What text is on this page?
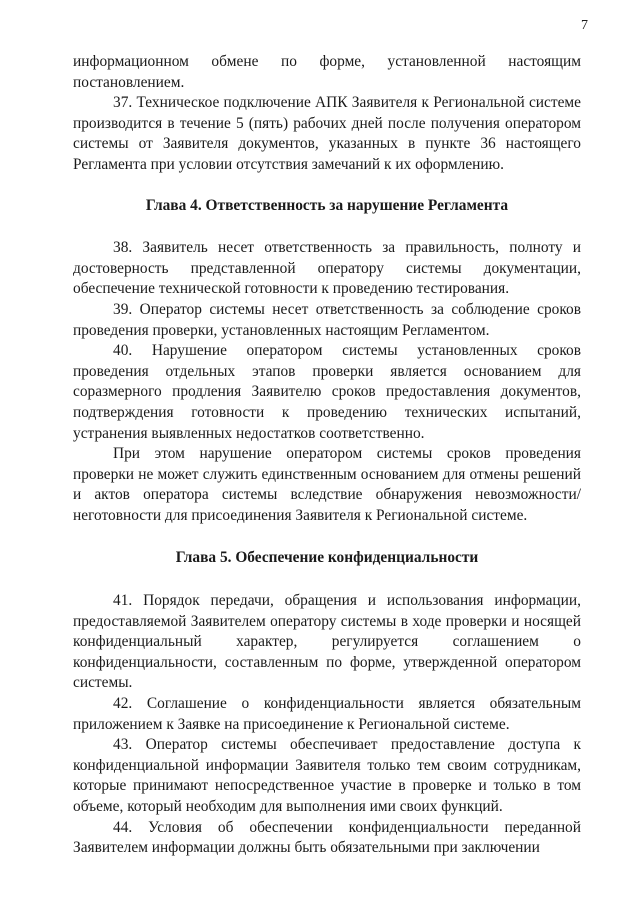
7

информационном обмене по форме, установленной настоящим постановлением.

37. Техническое подключение АПК Заявителя к Региональной системе производится в течение 5 (пять) рабочих дней после получения оператором системы от Заявителя документов, указанных в пункте 36 настоящего Регламента при условии отсутствия замечаний к их оформлению.

Глава 4. Ответственность за нарушение Регламента

38. Заявитель несет ответственность за правильность, полноту и достоверность представленной оператору системы документации, обеспечение технической готовности к проведению тестирования.

39. Оператор системы несет ответственность за соблюдение сроков проведения проверки, установленных настоящим Регламентом.

40. Нарушение оператором системы установленных сроков проведения отдельных этапов проверки является основанием для соразмерного продления Заявителю сроков предоставления документов, подтверждения готовности к проведению технических испытаний, устранения выявленных недостатков соответственно.

При этом нарушение оператором системы сроков проведения проверки не может служить единственным основанием для отмены решений и актов оператора системы вследствие обнаружения невозможности/неготовности для присоединения Заявителя к Региональной системе.

Глава 5. Обеспечение конфиденциальности

41. Порядок передачи, обращения и использования информации, предоставляемой Заявителем оператору системы в ходе проверки и носящей конфиденциальный характер, регулируется соглашением о конфиденциальности, составленным по форме, утвержденной оператором системы.

42. Соглашение о конфиденциальности является обязательным приложением к Заявке на присоединение к Региональной системе.

43. Оператор системы обеспечивает предоставление доступа к конфиденциальной информации Заявителя только тем своим сотрудникам, которые принимают непосредственное участие в проверке и только в том объеме, который необходим для выполнения ими своих функций.

44. Условия об обеспечении конфиденциальности переданной Заявителем информации должны быть обязательными при заключении
